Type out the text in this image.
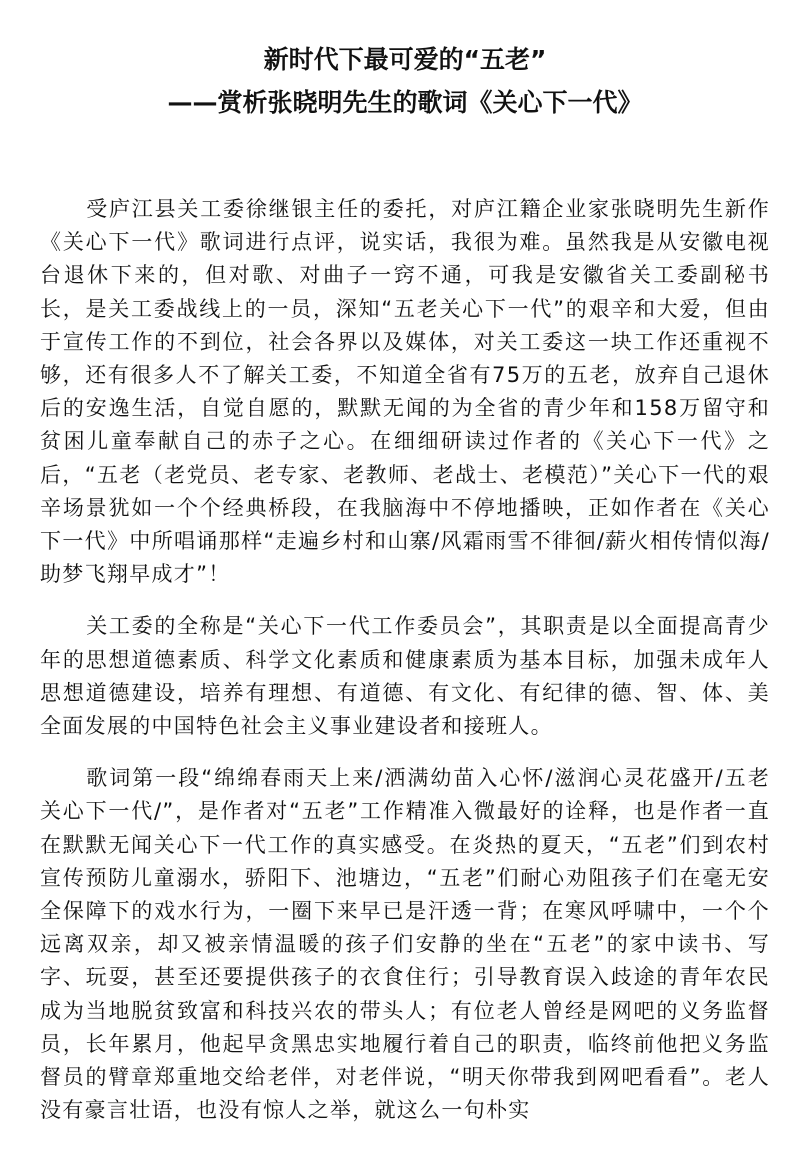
新时代下最可爱的“五老”
——赏析张晓明先生的歌词《关心下一代》

受庐江县关工委徐继银主任的委托，对庐江籍企业家张晓明先生新作《关心下一代》歌词进行点评，说实话，我很为难。虽然我是从安徽电视台退休下来的，但对歌、对曲子一窍不通，可我是安徽省关工委副秘书长，是关工委战线上的一员，深知“五老关心下一代”的艰辛和大爱，但由于宣传工作的不到位，社会各界以及媒体，对关工委这一块工作还重视不够，还有很多人不了解关工委，不知道全省有75万的五老，放弃自己退休后的安逸生活，自觉自愿的，默默无闻的为全省的青少年和158万留守和贫困儿童奉献自己的赤子之心。在细细研读过作者的《关心下一代》之后，“五老（老党员、老专家、老教师、老战士、老模范）”关心下一代的艰辛场景犹如一个个经典桥段，在我脑海中不停地播映，正如作者在《关心下一代》中所唱诵那样“走遍乡村和山寨/风霜雨雪不徘徊/薪火相传情似海/助梦飞翔早成才”！

关工委的全称是“关心下一代工作委员会”，其职责是以全面提高青少年的思想道德素质、科学文化素质和健康素质为基本目标，加强未成年人思想道德建设，培养有理想、有道德、有文化、有纪律的德、智、体、美全面发展的中国特色社会主义事业建设者和接班人。

歌词第一段“绵绵春雨天上来/洒满幼苗入心怀/滋润心灵花盛开/五老关心下一代/”，是作者对“五老”工作精准入微最好的诠释，也是作者一直在默默无闻关心下一代工作的真实感受。在炎热的夏天，“五老”们到农村宣传预防儿童溺水，骄阳下、池塘边，“五老”们耐心劝阻孩子们在毫无安全保障下的戏水行为，一圈下来早已是汗透一背；在寒风呼啸中，一个个远离双亲，却又被亲情温暖的孩子们安静的坐在“五老”的家中读书、写字、玩耍，甚至还要提供孩子的衣食住行；引导教育误入歧途的青年农民成为当地脱贫致富和科技兴农的带头人；有位老人曾经是网吧的义务监督员，长年累月，他起早贪黑忠实地履行着自己的职责，临终前他把义务监督员的臂章郑重地交给老伴，对老伴说，“明天你带我到网吧看看”。老人没有豪言壮语，也没有惊人之举，就这么一句朴实
